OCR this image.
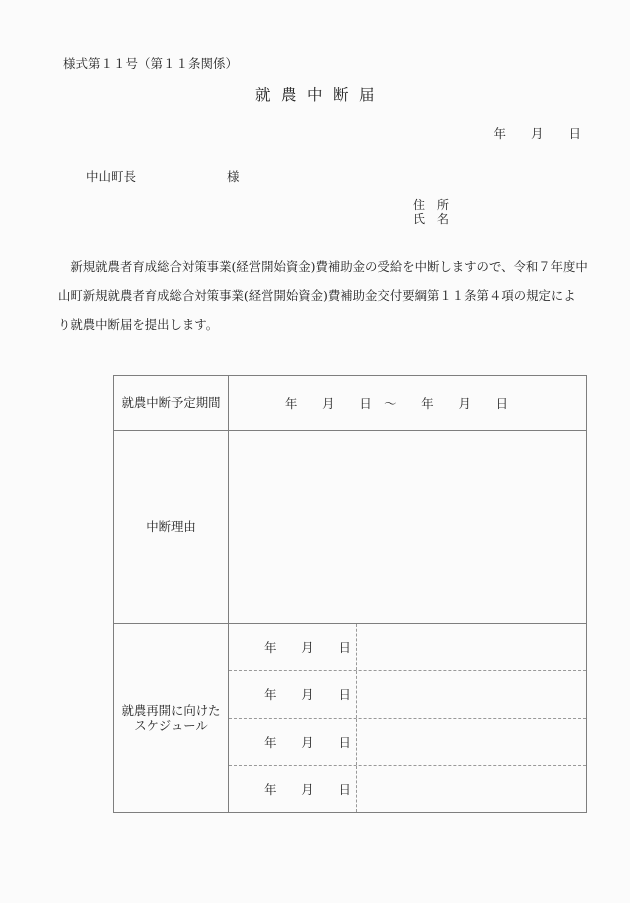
様式第１１号（第１１条関係）
就農中断届
年　　月　　日
中山町長	様
住　所
氏　名
　新規就農者育成総合対策事業(経営開始資金)費補助金の受給を中断しますので、令和７年度中
山町新規就農者育成総合対策事業(経営開始資金)費補助金交付要綱第１１条第４項の規定によ
り就農中断届を提出します。
就農中断予定期間	年　　月　　日　～　　年　　月　　日
中断理由
就農再開に向けた
スケジュール
年　　月　　日
年　　月　　日
年　　月　　日
年　　月　　日
